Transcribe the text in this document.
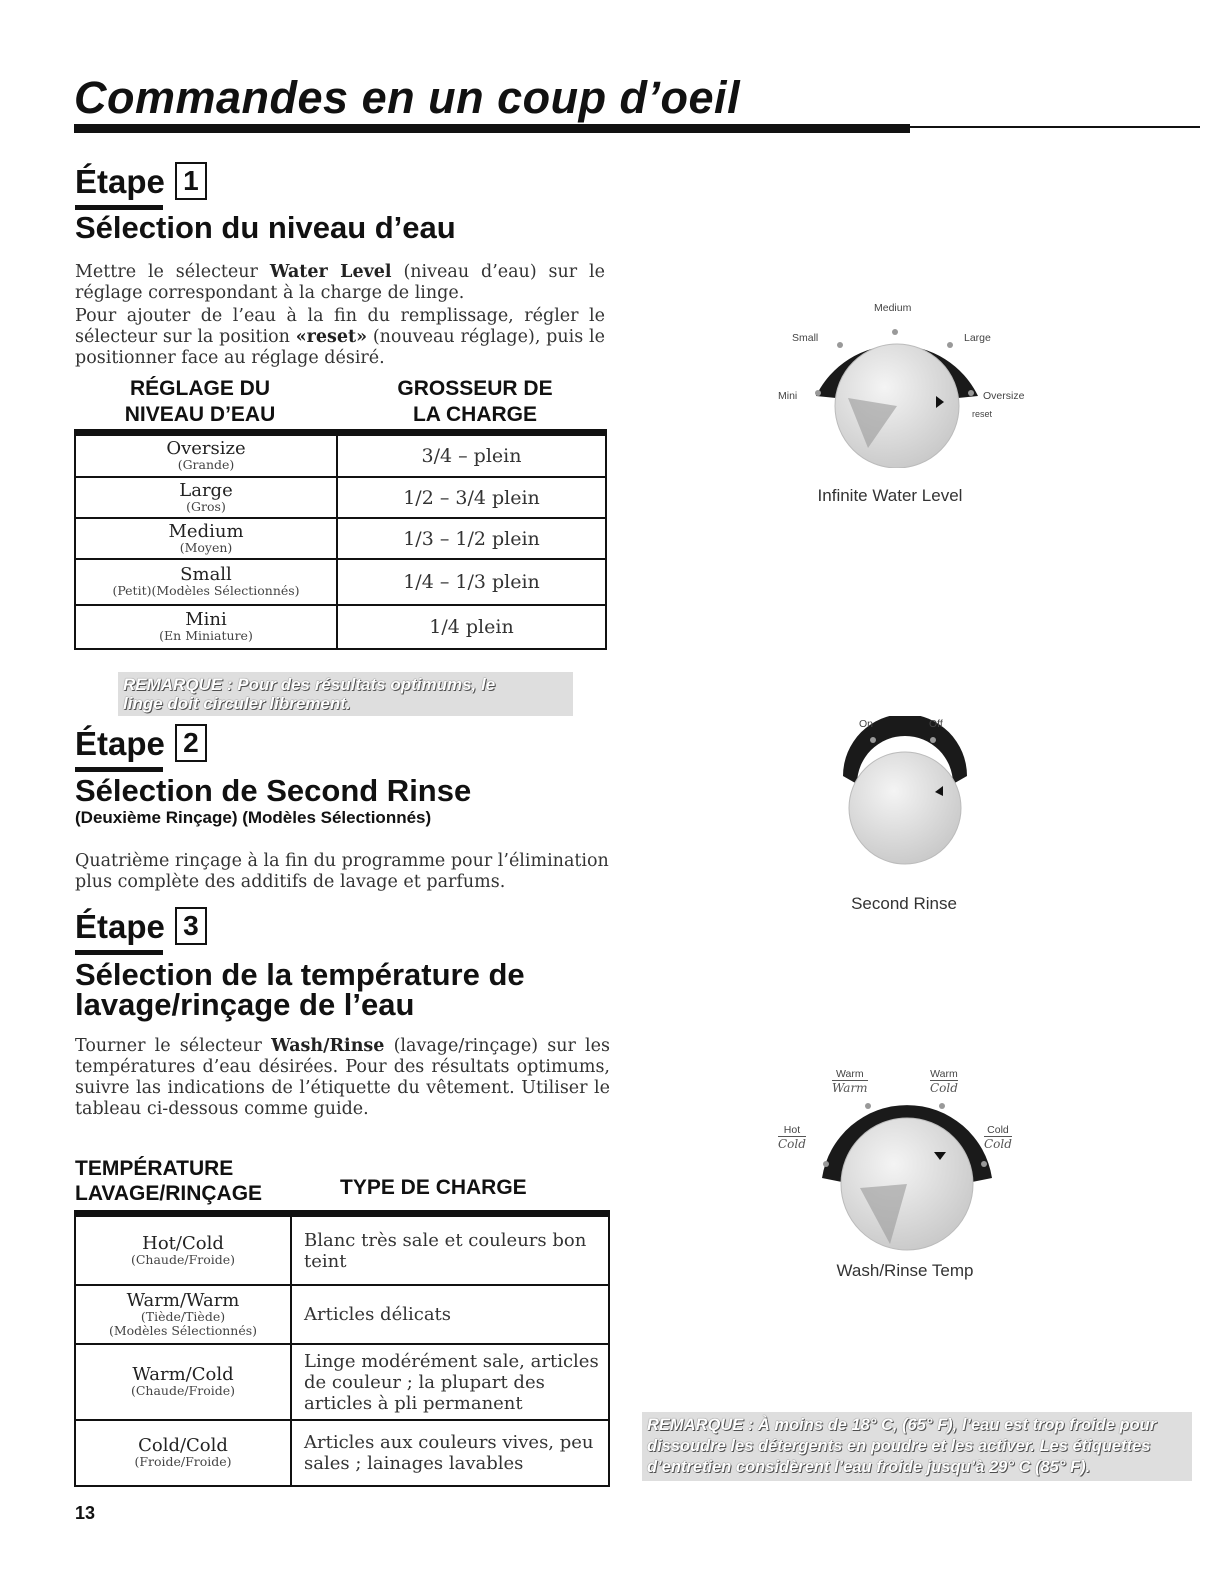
Commandes en un coup d’oeil
Étape 1
Sélection du niveau d’eau
Mettre le sélecteur Water Level (niveau d’eau) sur le réglage correspondant à la charge de linge.
Pour ajouter de l’eau à la fin du remplissage, régler le sélecteur sur la position «reset» (nouveau réglage), puis le positionner face au réglage désiré.
RÉGLAGE DU
NIVEAU D’EAU
GROSSEUR DE
LA CHARGE
Oversize
(Grande)	3/4 – plein

Large
(Gros)	1/2 – 3/4 plein

Medium
(Moyen)	1/3 – 1/2 plein

Small
(Petit)(Modèles Sélectionnés)	1/4 – 1/3 plein

Mini
(En Miniature)	1/4 plein
REMARQUE : Pour des résultats optimums, le
linge doit circuler librement.
Étape 2
Sélection de Second Rinse
(Deuxième Rinçage) (Modèles Sélectionnés)
Quatrième rinçage à la fin du programme pour l’élimination plus complète des additifs de lavage et parfums.
Étape 3
Sélection de la température de
lavage/rinçage de l’eau
Tourner le sélecteur Wash/Rinse (lavage/rinçage) sur les températures d’eau désirées. Pour des résultats optimums, suivre las indications de l’étiquette du vêtement. Utiliser le tableau ci-dessous comme guide.
TEMPÉRATURE
LAVAGE/RINÇAGE	TYPE DE CHARGE
Hot/Cold
(Chaude/Froide)	Blanc très sale et couleurs bon teint

Warm/Warm
(Tiède/Tiède)
(Modèles Sélectionnés)	Articles délicats

Warm/Cold
(Chaude/Froide)	Linge modérément sale, articles de couleur ; la plupart des articles à pli permanent

Cold/Cold
(Froide/Froide)	Articles aux couleurs vives, peu sales ; lainages lavables
13
Medium
Small	Large
Mini	Oversize
reset
Infinite Water Level
On	Off
Second Rinse
Warm
Warm
Warm
Cold
Hot
Cold
Cold
Cold
Wash/Rinse Temp
REMARQUE : À moins de 18° C, (65° F), l’eau est trop froide pour dissoudre les détergents en poudre et les activer. Les étiquettes d’entretien considèrent l’eau froide jusqu’à 29° C (85° F).
